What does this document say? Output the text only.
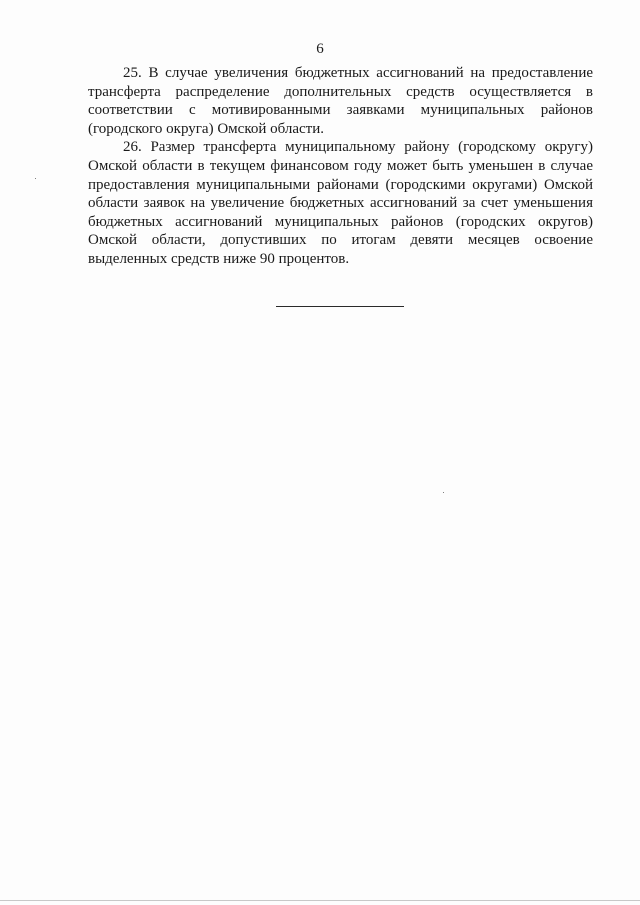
6

25. В случае увеличения бюджетных ассигнований на предоставление трансферта распределение дополнительных средств осуществляется в соответствии с мотивированными заявками муниципальных районов (городского округа) Омской области.

26. Размер трансферта муниципальному району (городскому округу) Омской области в текущем финансовом году может быть уменьшен в случае предоставления муниципальными районами (городскими округами) Омской области заявок на увеличение бюджетных ассигнований за счет уменьшения бюджетных ассигнований муниципальных районов (городских округов) Омской области, допустивших по итогам девяти месяцев освоение выделенных средств ниже 90 процентов.
